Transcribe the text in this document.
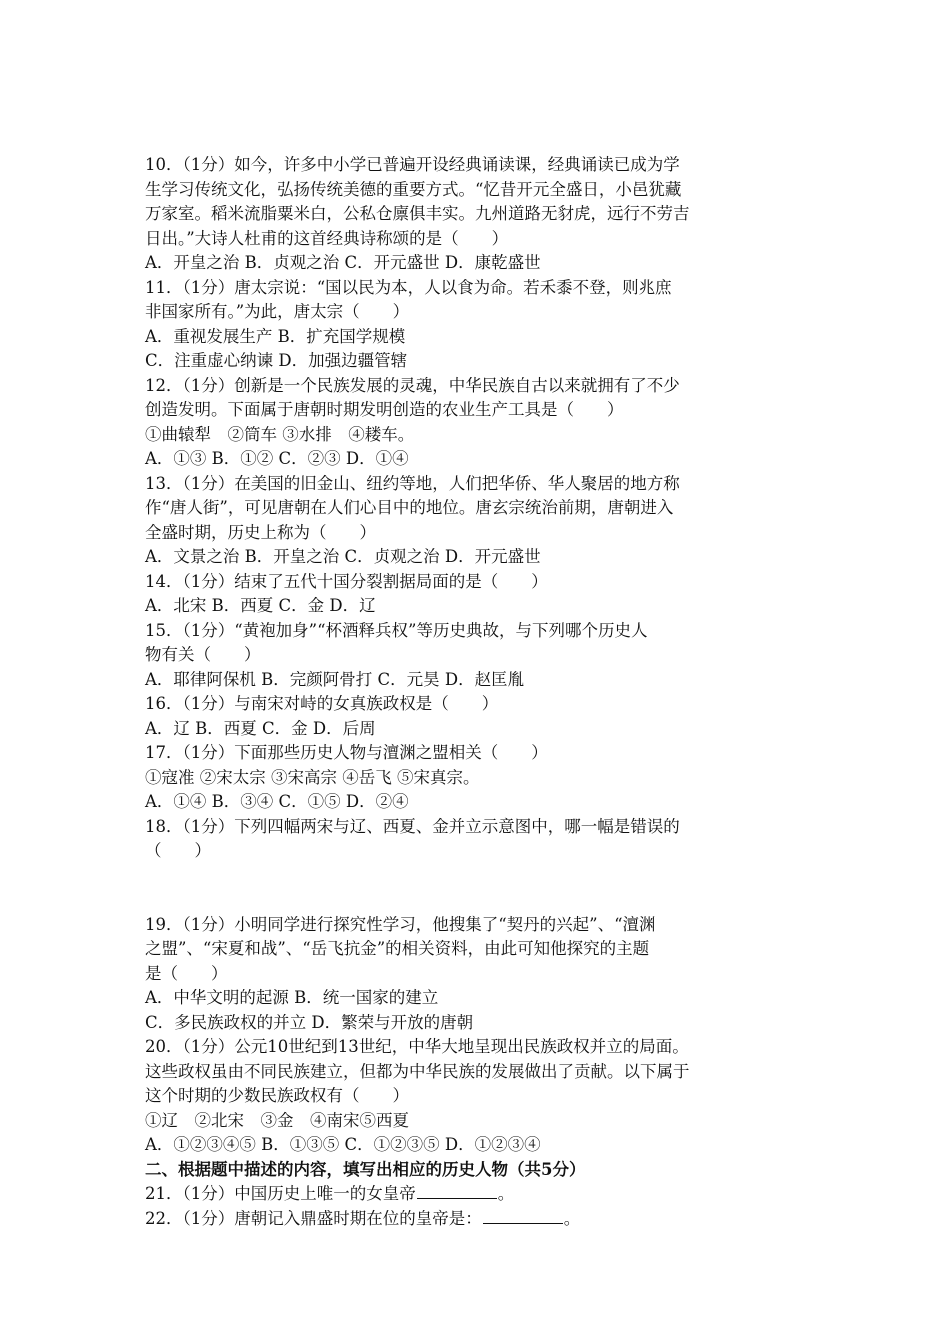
10．（1分）如今，许多中小学已普遍开设经典诵读课，经典诵读已成为学
生学习传统文化，弘扬传统美德的重要方式。“忆昔开元全盛日，小邑犹藏
万家室。稻米流脂粟米白，公私仓廪俱丰实。九州道路无豺虎，远行不劳吉
日出。”大诗人杜甫的这首经典诗称颂的是（　　）
A．开皇之治 B．贞观之治 C．开元盛世 D．康乾盛世
11．（1分）唐太宗说：“国以民为本，人以食为命。若禾黍不登，则兆庶
非国家所有。”为此，唐太宗（　　）
A．重视发展生产 B．扩充国学规模
C．注重虚心纳谏 D．加强边疆管辖
12．（1分）创新是一个民族发展的灵魂，中华民族自古以来就拥有了不少
创造发明。下面属于唐朝时期发明创造的农业生产工具是（　　）
①曲辕犁　②筒车 ③水排　④耧车。
A．①③ B．①② C．②③ D．①④
13．（1分）在美国的旧金山、纽约等地，人们把华侨、华人聚居的地方称
作“唐人街”，可见唐朝在人们心目中的地位。唐玄宗统治前期，唐朝进入
全盛时期，历史上称为（　　）
A．文景之治 B．开皇之治 C．贞观之治 D．开元盛世
14．（1分）结束了五代十国分裂割据局面的是（　　）
A．北宋 B．西夏 C．金 D．辽
15．（1分）“黄袍加身”“杯酒释兵权”等历史典故，与下列哪个历史人
物有关（　　）
A．耶律阿保机 B．完颜阿骨打 C．元昊 D．赵匡胤
16．（1分）与南宋对峙的女真族政权是（　　）
A．辽 B．西夏 C．金 D．后周
17．（1分）下面那些历史人物与澶渊之盟相关（　　）
①寇准 ②宋太宗 ③宋高宗 ④岳飞 ⑤宋真宗。
A．①④ B．③④ C．①⑤ D．②④
18．（1分）下列四幅两宋与辽、西夏、金并立示意图中，哪一幅是错误的
（　　）
19．（1分）小明同学进行探究性学习，他搜集了“契丹的兴起”、“澶渊
之盟”、“宋夏和战”、“岳飞抗金”的相关资料，由此可知他探究的主题
是（　　）
A．中华文明的起源 B．统一国家的建立
C．多民族政权的并立 D．繁荣与开放的唐朝
20．（1分）公元10世纪到13世纪，中华大地呈现出民族政权并立的局面。
这些政权虽由不同民族建立，但都为中华民族的发展做出了贡献。以下属于
这个时期的少数民族政权有（　　）
①辽　②北宋　③金　④南宋⑤西夏
A．①②③④⑤ B．①③⑤ C．①②③⑤ D．①②③④
二、根据题中描述的内容，填写出相应的历史人物（共5分）
21．（1分）中国历史上唯一的女皇帝	。
22．（1分）唐朝记入鼎盛时期在位的皇帝是：	。
